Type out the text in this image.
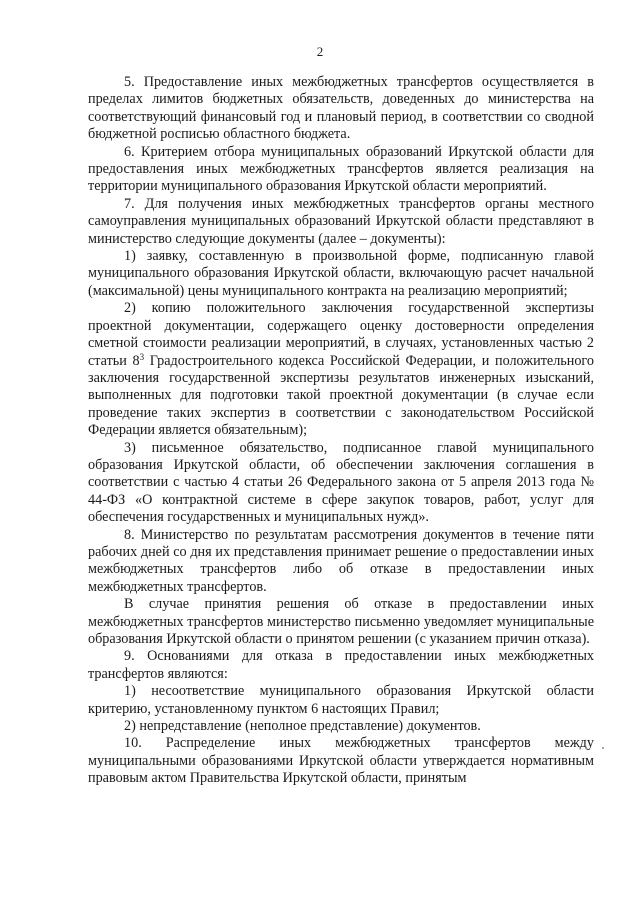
2

5. Предоставление иных межбюджетных трансфертов осуществляется в пределах лимитов бюджетных обязательств, доведенных до министерства на соответствующий финансовый год и плановый период, в соответствии со сводной бюджетной росписью областного бюджета.

6. Критерием отбора муниципальных образований Иркутской области для предоставления иных межбюджетных трансфертов является реализация на территории муниципального образования Иркутской области мероприятий.

7. Для получения иных межбюджетных трансфертов органы местного самоуправления муниципальных образований Иркутской области представляют в министерство следующие документы (далее – документы):

1) заявку, составленную в произвольной форме, подписанную главой муниципального образования Иркутской области, включающую расчет начальной (максимальной) цены муниципального контракта на реализацию мероприятий;

2) копию положительного заключения государственной экспертизы проектной документации, содержащего оценку достоверности определения сметной стоимости реализации мероприятий, в случаях, установленных частью 2 статьи $8^3$ Градостроительного кодекса Российской Федерации, и положительного заключения государственной экспертизы результатов инженерных изысканий, выполненных для подготовки такой проектной документации (в случае если проведение таких экспертиз в соответствии с законодательством Российской Федерации является обязательным);

3) письменное обязательство, подписанное главой муниципального образования Иркутской области, об обеспечении заключения соглашения в соответствии с частью 4 статьи 26 Федерального закона от 5 апреля 2013 года № 44-ФЗ «О контрактной системе в сфере закупок товаров, работ, услуг для обеспечения государственных и муниципальных нужд».

8. Министерство по результатам рассмотрения документов в течение пяти рабочих дней со дня их представления принимает решение о предоставлении иных межбюджетных трансфертов либо об отказе в предоставлении иных межбюджетных трансфертов.

В случае принятия решения об отказе в предоставлении иных межбюджетных трансфертов министерство письменно уведомляет муниципальные образования Иркутской области о принятом решении (с указанием причин отказа).

9. Основаниями для отказа в предоставлении иных межбюджетных трансфертов являются:

1) несоответствие муниципального образования Иркутской области критерию, установленному пунктом 6 настоящих Правил;

2) непредставление (неполное представление) документов.

10. Распределение иных межбюджетных трансфертов между муниципальными образованиями Иркутской области утверждается нормативным правовым актом Правительства Иркутской области, принятым
